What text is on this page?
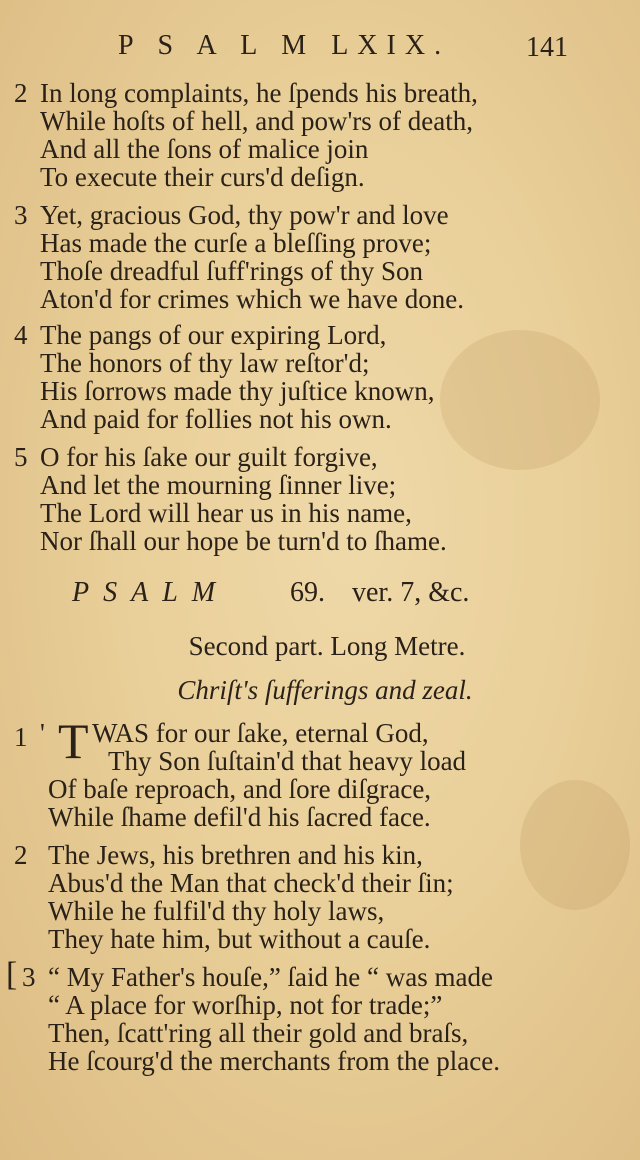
P S A L M LXIX.	141
2 In long complaints, he ſpends his breath,
While hoſts of hell, and pow'rs of death,
And all the ſons of malice join
To execute their curs'd deſign.
3 Yet, gracious God, thy pow'r and love
Has made the curſe a bleſſing prove;
Thoſe dreadful ſuff'rings of thy Son
Aton'd for crimes which we have done.
4 The pangs of our expiring Lord,
The honors of thy law reſtor'd;
His ſorrows made thy juſtice known,
And paid for follies not his own.
5 O for his ſake our guilt forgive,
And let the mourning ſinner live;
The Lord will hear us in his name,
Nor ſhall our hope be turn'd to ſhame.
PSALM 69. ver. 7, &c.
Second part. Long Metre.
Chriſt's ſufferings and zeal.
1 ' T WAS for our ſake, eternal God,
Thy Son ſuſtain'd that heavy load
Of baſe reproach, and ſore diſgrace,
While ſhame defil'd his ſacred face.
2 The Jews, his brethren and his kin,
Abus'd the Man that check'd their ſin;
While he fulfil'd thy holy laws,
They hate him, but without a cauſe.
[ 3 “ My Father's houſe,” ſaid he “ was made
“ A place for worſhip, not for trade;”
Then, ſcatt'ring all their gold and braſs,
He ſcourg'd the merchants from the place.
